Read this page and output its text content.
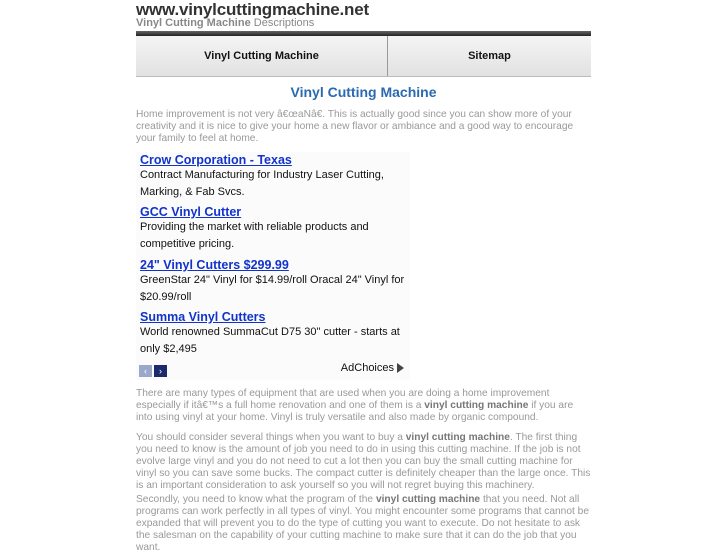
www.vinylcuttingmachine.net
Vinyl Cutting Machine Descriptions
Vinyl Cutting Machine	Sitemap
Vinyl Cutting Machine

Home improvement is not very â€œaNâ€. This is actually good since you can show more of your creativity and it is nice to give your home a new flavor or ambiance and a good way to encourage your family to feel at home.

Crow Corporation - Texas
Contract Manufacturing for Industry Laser Cutting, Marking, & Fab Svcs.
GCC Vinyl Cutter
Providing the market with reliable products and competitive pricing.
24" Vinyl Cutters $299.99
GreenStar 24" Vinyl for $14.99/roll Oracal 24" Vinyl for $20.99/roll
Summa Vinyl Cutters
World renowned SummaCut D75 30" cutter - starts at only $2,495
‹	›	AdChoices

There are many types of equipment that are used when you are doing a home improvement especially if itâ€™s a full home renovation and one of them is a vinyl cutting machine if you are into using vinyl at your home. Vinyl is truly versatile and also made by organic compound.

You should consider several things when you want to buy a vinyl cutting machine. The first thing you need to know is the amount of job you need to do in using this cutting machine. If the job is not evolve large vinyl and you do not need to cut a lot then you can buy the small cutting machine for vinyl so you can save some bucks. The compact cutter is definitely cheaper than the large once. This is an important consideration to ask yourself so you will not regret buying this machinery.

Secondly, you need to know what the program of the vinyl cutting machine that you need. Not all programs can work perfectly in all types of vinyl. You might encounter some programs that cannot be expanded that will prevent you to do the type of cutting you want to execute. Do not hesitate to ask the salesman on the capability of your cutting machine to make sure that it can do the job that you want.
